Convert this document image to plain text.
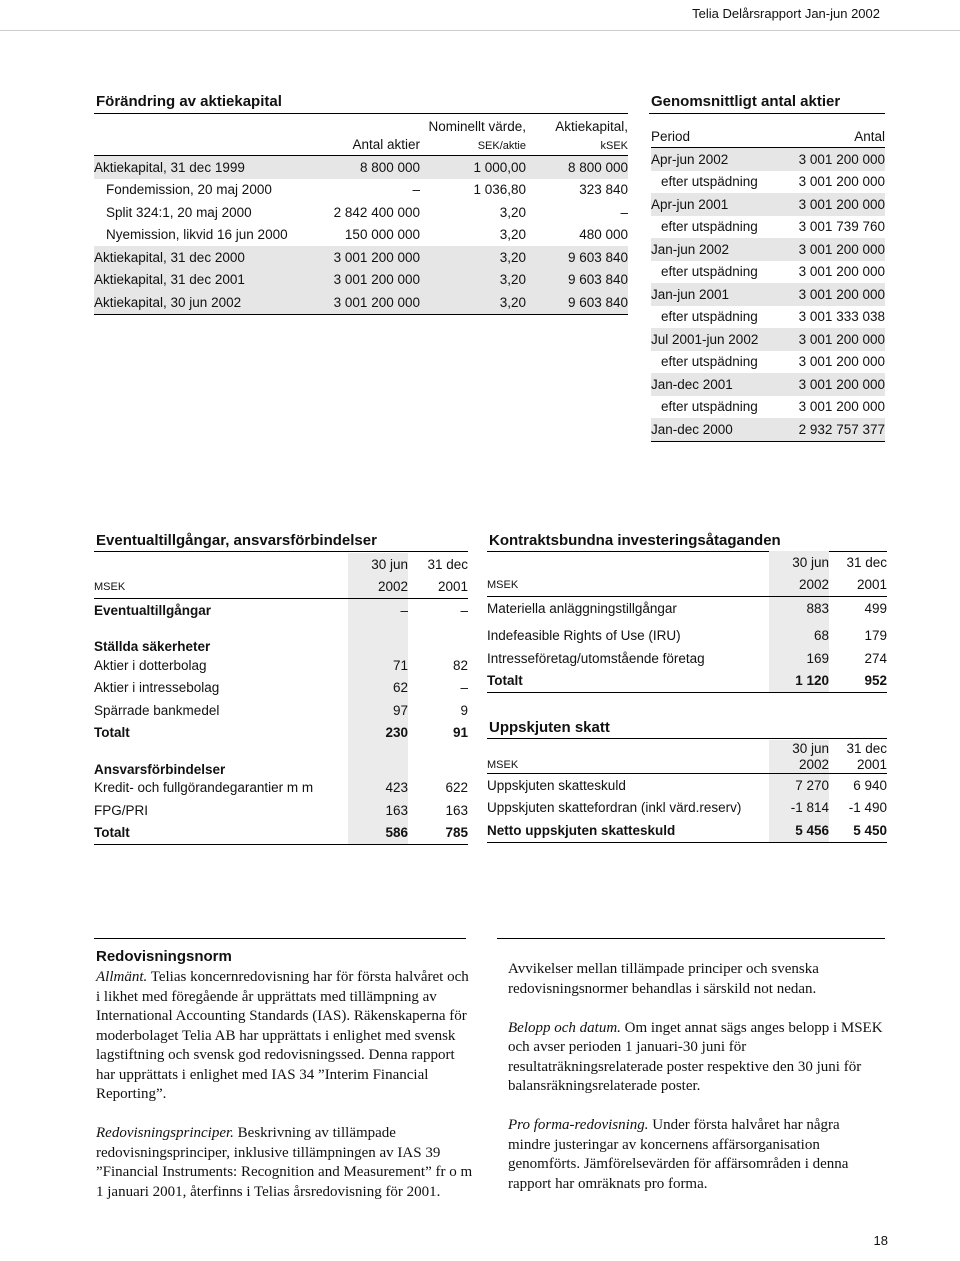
Telia Delårsrapport Jan-jun 2002
Förändring av aktiekapital
		Nominellt värde,	Aktiekapital,
	Antal aktier	SEK/aktie	kSEK

Aktiekapital, 31 dec 1999	8 800 000	1 000,00	8 800 000
Fondemission, 20 maj 2000	–	1 036,80	323 840
Split 324:1, 20 maj 2000	2 842 400 000	3,20	–
Nyemission, likvid 16 jun 2000	150 000 000	3,20	480 000
Aktiekapital, 31 dec 2000	3 001 200 000	3,20	9 603 840
Aktiekapital, 31 dec 2001	3 001 200 000	3,20	9 603 840
Aktiekapital, 30 jun 2002	3 001 200 000	3,20	9 603 840

Genomsnittligt antal aktier
Period	Antal

Apr-jun 2002	3 001 200 000
efter utspädning	3 001 200 000
Apr-jun 2001	3 001 200 000
efter utspädning	3 001 739 760
Jan-jun 2002	3 001 200 000
efter utspädning	3 001 200 000
Jan-jun 2001	3 001 200 000
efter utspädning	3 001 333 038
Jul 2001-jun 2002	3 001 200 000
efter utspädning	3 001 200 000
Jan-dec 2001	3 001 200 000
efter utspädning	3 001 200 000
Jan-dec 2000	2 932 757 377

Eventualtillgångar, ansvarsförbindelser
	30 jun	31 dec
MSEK	2002	2001

Eventualtillgångar	–	–

Ställda säkerheter		
Aktier i dotterbolag	71	82
Aktier i intressebolag	62	–
Spärrade bankmedel	97	9
Totalt	230	91

Ansvarsförbindelser		
Kredit- och fullgörandegarantier m m	423	622
FPG/PRI	163	163
Totalt	586	785

Kontraktsbundna investeringsåtaganden
	30 jun	31 dec
MSEK	2002	2001

Materiella anläggningstillgångar	883	499

Indefeasible Rights of Use (IRU)	68	179
Intresseföretag/utomstående företag	169	274
Totalt	1 120	952

Uppskjuten skatt
	30 jun	31 dec
MSEK	2002	2001

Uppskjuten skatteskuld	7 270	6 940
Uppskjuten skattefordran (inkl värd.reserv)	-1 814	-1 490
Netto uppskjuten skatteskuld	5 456	5 450

Redovisningsnorm

Allmänt. Telias koncernredovisning har för första halvåret och i likhet med föregående år upprättats med tillämpning av International Accounting Standards (IAS). Räkenskaperna för moderbolaget Telia AB har upprättats i enlighet med svensk lagstiftning och svensk god redovisningssed. Denna rapport har upprättats i enlighet med IAS 34 ”Interim Financial Reporting”.

Redovisningsprinciper. Beskrivning av tillämpade redovisningsprinciper, inklusive tillämpningen av IAS 39 ”Financial Instruments: Recognition and Measurement” fr o m 1 januari 2001, återfinns i Telias årsredovisning för 2001.

Avvikelser mellan tillämpade principer och svenska redovisningsnormer behandlas i särskild not nedan.

Belopp och datum. Om inget annat sägs anges belopp i MSEK och avser perioden 1 januari-30 juni för resultaträkningsrelaterade poster respektive den 30 juni för balansräkningsrelaterade poster.

Pro forma-redovisning. Under första halvåret har några mindre justeringar av koncernens affärsorganisation genomförts. Jämförelsevärden för affärsområden i denna rapport har omräknats pro forma.

18
